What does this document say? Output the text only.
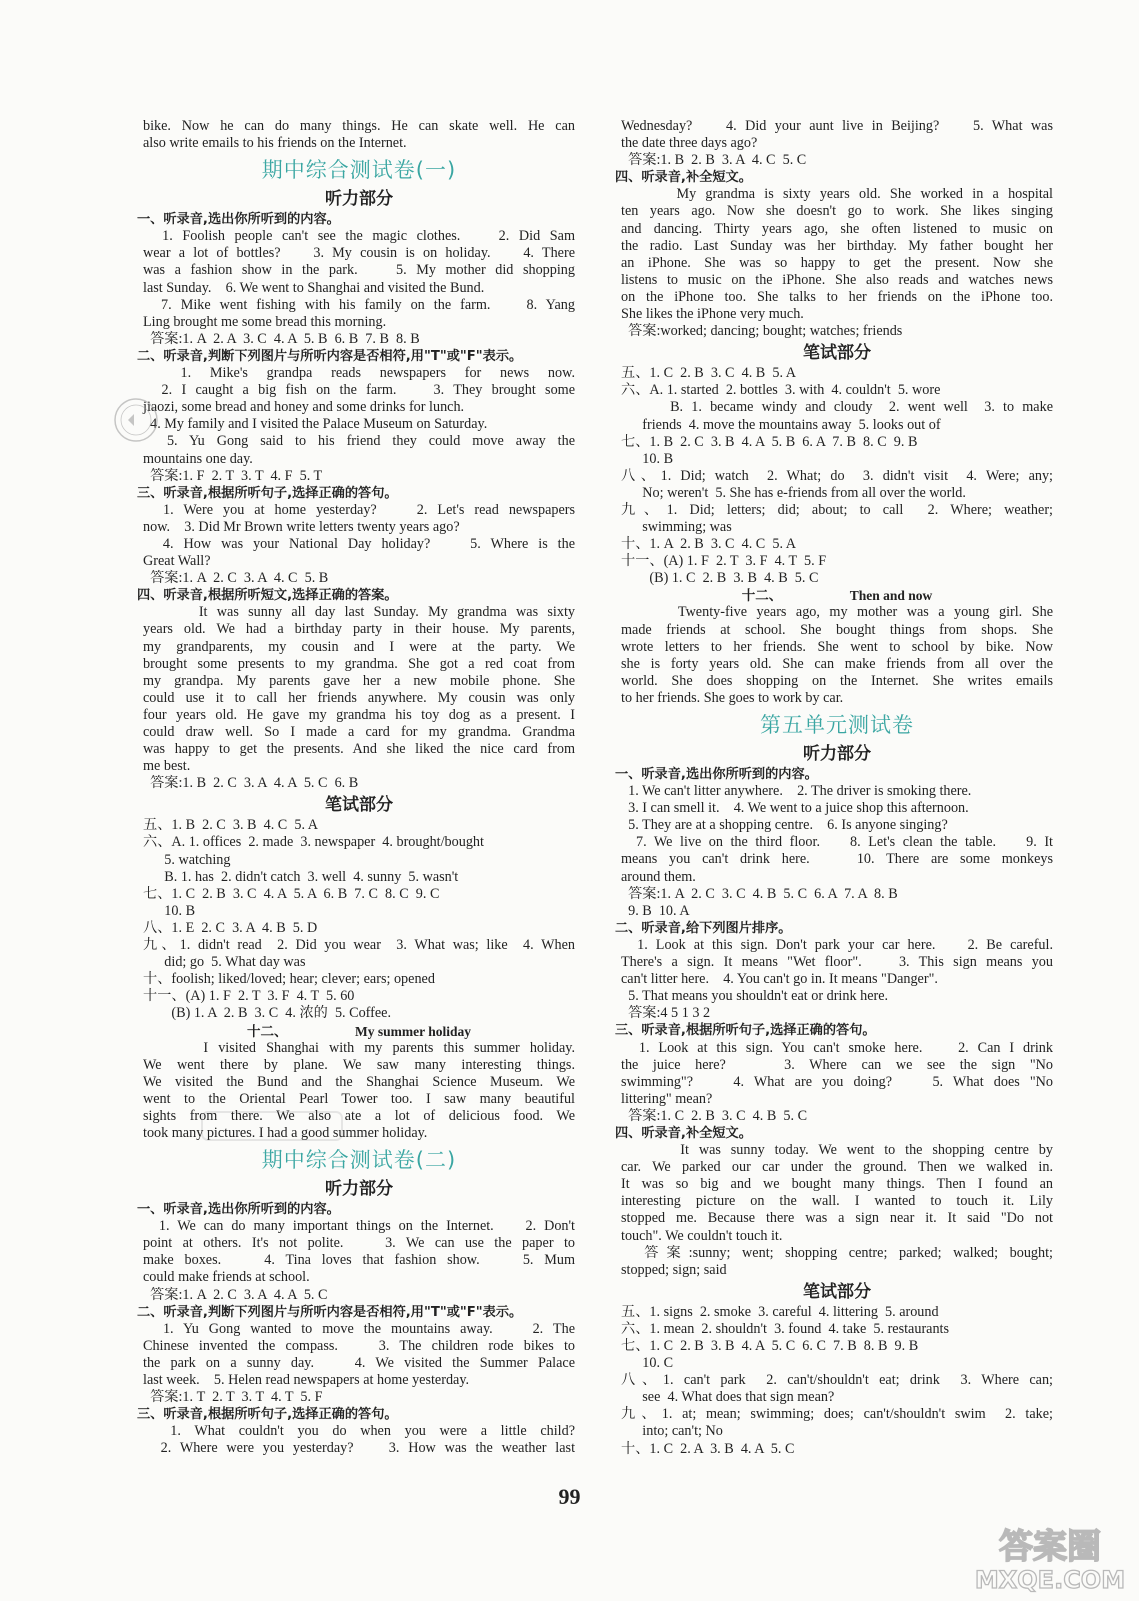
bike. Now he can do many things. He can skate well. He can
also write emails to his friends on the Internet.
期中综合测试卷(一)
听力部分
一、听录音,选出你所听到的内容。
1. Foolish people can't see the magic clothes.    2. Did Sam
wear a lot of bottles?    3. My cousin is on holiday.    4. There
was a fashion show in the park.    5. My mother did shopping
last Sunday.    6. We went to Shanghai and visited the Bund.
7. Mike went fishing with his family on the farm.    8. Yang
Ling brought me some bread this morning.
答案:1. A  2. A  3. C  4. A  5. B  6. B  7. B  8. B
二、听录音,判断下列图片与所听内容是否相符,用"T"或"F"表示。
1. Mike's grandpa reads newspapers for news now.
2. I caught a big fish on the farm.    3. They brought some
jiaozi, some bread and honey and some drinks for lunch.
4. My family and I visited the Palace Museum on Saturday.
5. Yu Gong said to his friend they could move away the
mountains one day.
答案:1. F  2. T  3. T  4. F  5. T
三、听录音,根据所听句子,选择正确的答句。
1. Were you at home yesterday?    2. Let's read newspapers
now.    3. Did Mr Brown write letters twenty years ago?
4. How was your National Day holiday?    5. Where is the
Great Wall?
答案:1. A  2. C  3. A  4. C  5. B
四、听录音,根据所听短文,选择正确的答案。
It was sunny all day last Sunday. My grandma was sixty
years old. We had a birthday party in their house. My parents,
my grandparents, my cousin and I were at the party. We
brought some presents to my grandma. She got a red coat from
my grandpa. My parents gave her a new mobile phone. She
could use it to call her friends anywhere. My cousin was only
four years old. He gave my grandma his toy dog as a present. I
could draw well. So I made a card for my grandma. Grandma
was happy to get the presents. And she liked the nice card from
me best.
答案:1. B  2. C  3. A  4. A  5. C  6. B
笔试部分
五、1. B  2. C  3. B  4. C  5. A
六、A. 1. offices  2. made  3. newspaper  4. brought/bought
5. watching
B. 1. has  2. didn't catch  3. well  4. sunny  5. wasn't
七、1. C  2. B  3. C  4. A  5. A  6. B  7. C  8. C  9. C
10. B
八、1. E  2. C  3. A  4. B  5. D
九、1. didn't read  2. Did you wear  3. What was; like  4. When
did; go  5. What day was
十、foolish; liked/loved; hear; clever; ears; opened
十一、(A) 1. F  2. T  3. F  4. T  5. 60
(B) 1. A  2. B  3. C  4. 浓的  5. Coffee.
十二、                    My summer holiday
I visited Shanghai with my parents this summer holiday.
We went there by plane. We saw many interesting things.
We visited the Bund and the Shanghai Science Museum. We
went to the Oriental Pearl Tower too. I saw many beautiful
sights from there. We also ate a lot of delicious food. We
took many pictures. I had a good summer holiday.
期中综合测试卷(二)
听力部分
一、听录音,选出你所听到的内容。
1. We can do many important things on the Internet.    2. Don't
point at others. It's not polite.    3. We can use the paper to
make boxes.    4. Tina loves that fashion show.    5. Mum
could make friends at school.
答案:1. A  2. C  3. A  4. A  5. C
二、听录音,判断下列图片与所听内容是否相符,用"T"或"F"表示。
1. Yu Gong wanted to move the mountains away.    2. The
Chinese invented the compass.    3. The children rode bikes to
the park on a sunny day.    4. We visited the Summer Palace
last week.    5. Helen read newspapers at home yesterday.
答案:1. T  2. T  3. T  4. T  5. F
三、听录音,根据所听句子,选择正确的答句。
1. What couldn't you do when you were a little child?
2. Where were you yesterday?    3. How was the weather last
Wednesday?    4. Did your aunt live in Beijing?    5. What was
the date three days ago?
答案:1. B  2. B  3. A  4. C  5. C
四、听录音,补全短文。
My grandma is sixty years old. She worked in a hospital
ten years ago. Now she doesn't go to work. She likes singing
and dancing. Thirty years ago, she often listened to music on
the radio. Last Sunday was her birthday. My father bought her
an iPhone. She was so happy to get the present. Now she
listens to music on the iPhone. She also reads and watches news
on the iPhone too. She talks to her friends on the iPhone too.
She likes the iPhone very much.
答案:worked; dancing; bought; watches; friends
笔试部分
五、1. C  2. B  3. C  4. B  5. A
六、A. 1. started  2. bottles  3. with  4. couldn't  5. wore
B. 1. became windy and cloudy  2. went well  3. to make
friends  4. move the mountains away  5. looks out of
七、1. B  2. C  3. B  4. A  5. B  6. A  7. B  8. C  9. B
10. B
八、1. Did; watch  2. What; do  3. didn't visit  4. Were; any;
No; weren't  5. She has e-friends from all over the world.
九、1. Did; letters; did; about; to call  2. Where; weather;
swimming; was
十、1. A  2. B  3. C  4. C  5. A
十一、(A) 1. F  2. T  3. F  4. T  5. F
(B) 1. C  2. B  3. B  4. B  5. C
十二、                    Then and now
Twenty-five years ago, my mother was a young girl. She
made friends at school. She bought things from shops. She
wrote letters to her friends. She went to school by bike. Now
she is forty years old. She can make friends from all over the
world. She does shopping on the Internet. She writes emails
to her friends. She goes to work by car.
第五单元测试卷
听力部分
一、听录音,选出你所听到的内容。
1. We can't litter anywhere.    2. The driver is smoking there.
3. I can smell it.    4. We went to a juice shop this afternoon.
5. They are at a shopping centre.    6. Is anyone singing?
7. We live on the third floor.    8. Let's clean the table.    9. It
means you can't drink here.    10. There are some monkeys
around them.
答案:1. A  2. C  3. C  4. B  5. C  6. A  7. A  8. B
9. B  10. A
二、听录音,给下列图片排序。
1. Look at this sign. Don't park your car here.    2. Be careful.
There's a sign. It means "Wet floor".    3. This sign means you
can't litter here.    4. You can't go in. It means "Danger".
5. That means you shouldn't eat or drink here.
答案:4 5 1 3 2
三、听录音,根据所听句子,选择正确的答句。
1. Look at this sign. You can't smoke here.    2. Can I drink
the juice here?    3. Where can we see the sign "No
swimming"?    4. What are you doing?    5. What does "No
littering" mean?
答案:1. C  2. B  3. C  4. B  5. C
四、听录音,补全短文。
It was sunny today. We went to the shopping centre by
car. We parked our car under the ground. Then we walked in.
It was so big and we bought many things. Then I found an
interesting picture on the wall. I wanted to touch it. Lily
stopped me. Because there was a sign near it. It said "Do not
touch". We couldn't touch it.
答案:sunny; went; shopping centre; parked; walked; bought;
stopped; sign; said
笔试部分
五、1. signs  2. smoke  3. careful  4. littering  5. around
六、1. mean  2. shouldn't  3. found  4. take  5. restaurants
七、1. C  2. B  3. B  4. A  5. C  6. C  7. B  8. B  9. B
10. C
八、1. can't park  2. can't/shouldn't eat; drink  3. Where can;
see  4. What does that sign mean?
九、1. at; mean; swimming; does; can't/shouldn't swim  2. take;
into; can't; No
十、1. C  2. A  3. B  4. A  5. C
99
答案圈
MXQE.COM
